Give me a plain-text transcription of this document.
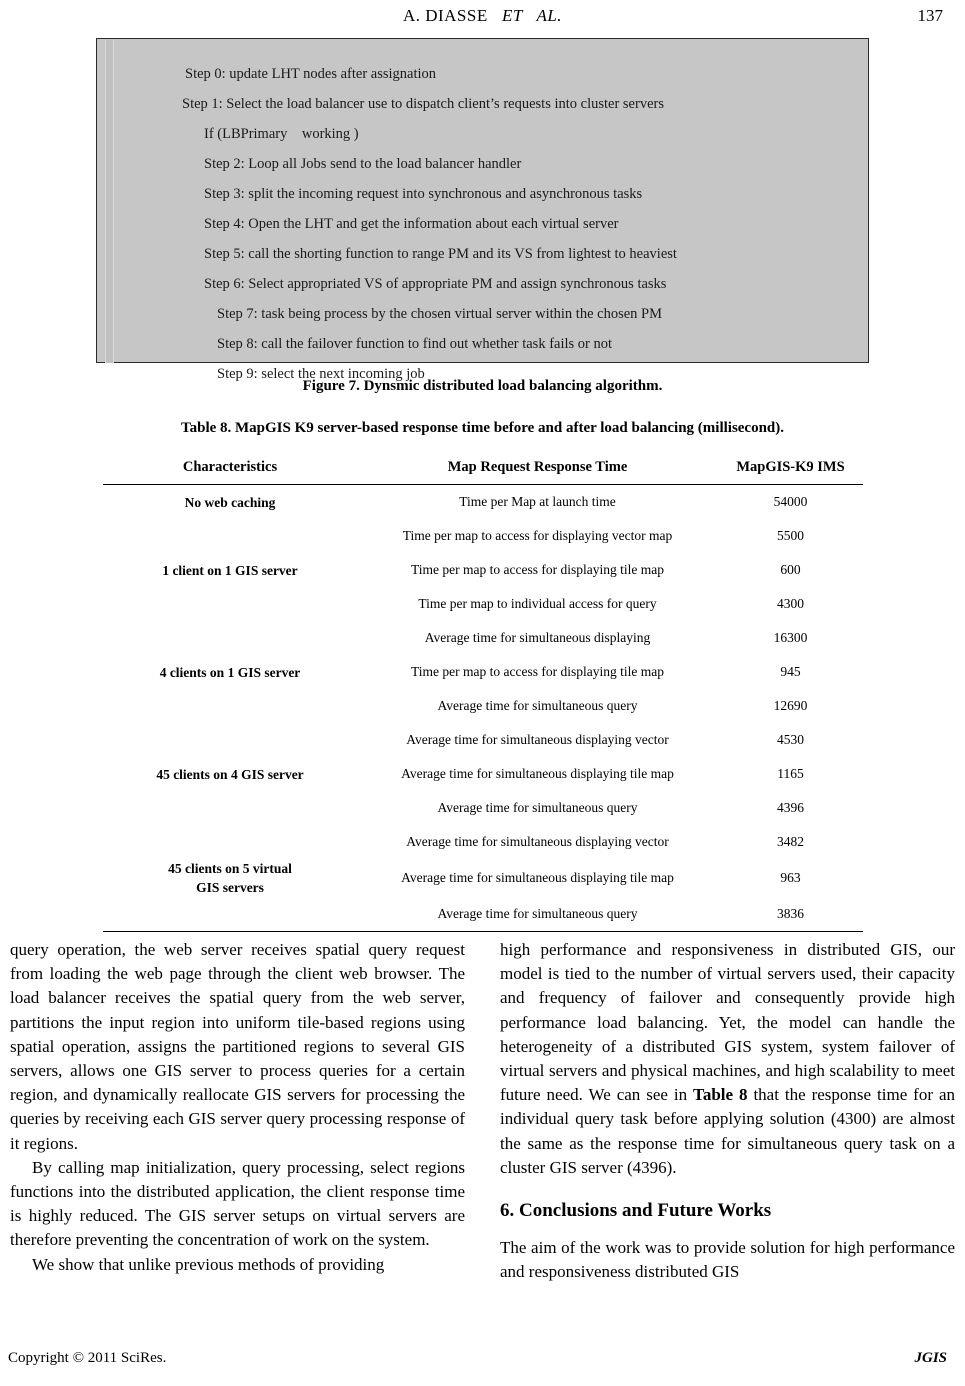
A. DIASSE ET   AL.	137
Step 0: update LHT nodes after assignation
Step 1: Select the load balancer use to dispatch client’s requests into cluster servers
If (LBPrimary    working )
Step 2: Loop all Jobs send to the load balancer handler
Step 3: split the incoming request into synchronous and asynchronous tasks
Step 4: Open the LHT and get the information about each virtual server
Step 5: call the shorting function to range PM and its VS from lightest to heaviest
Step 6: Select appropriated VS of appropriate PM and assign synchronous tasks
Step 7: task being process by the chosen virtual server within the chosen PM
Step 8: call the failover function to find out whether task fails or not
Step 9: select the next incoming job
Figure 7. Dynsmic distributed load balancing algorithm.
Table 8. MapGIS K9 server-based response time before and after load balancing (millisecond).
Characteristics	Map Request Response Time	MapGIS-K9 IMS
No web caching	Time per Map at launch time	54000
	Time per map to access for displaying vector map	5500
1 client on 1 GIS server	Time per map to access for displaying tile map	600
	Time per map to individual access for query	4300
	Average time for simultaneous displaying	16300
4 clients on 1 GIS server	Time per map to access for displaying tile map	945
	Average time for simultaneous query	12690
	Average time for simultaneous displaying vector	4530
45 clients on 4 GIS server	Average time for simultaneous displaying tile map	1165
	Average time for simultaneous query	4396
	Average time for simultaneous displaying vector	3482
45 clients on 5 virtual
GIS servers	Average time for simultaneous displaying tile map	963
	Average time for simultaneous query	3836

query operation, the web server receives spatial query request from loading the web page through the client web browser. The load balancer receives the spatial query from the web server, partitions the input region into uniform tile-based regions using spatial operation, assigns the partitioned regions to several GIS servers, allows one GIS server to process queries for a certain region, and dynamically reallocate GIS servers for processing the queries by receiving each GIS server query processing response of it regions.

By calling map initialization, query processing, select regions functions into the distributed application, the client response time is highly reduced. The GIS server setups on virtual servers are therefore preventing the concentration of work on the system.

We show that unlike previous methods of providing

high performance and responsiveness in distributed GIS, our model is tied to the number of virtual servers used, their capacity and frequency of failover and consequently provide high performance load balancing. Yet, the model can handle the heterogeneity of a distributed GIS system, system failover of virtual servers and physical machines, and high scalability to meet future need. We can see in Table 8 that the response time for an individual query task before applying solution (4300) are almost the same as the response time for simultaneous query task on a cluster GIS server (4396).

6. Conclusions and Future Works

The aim of the work was to provide solution for high performance and responsiveness distributed GIS

Copyright © 2011 SciRes.	JGIS
